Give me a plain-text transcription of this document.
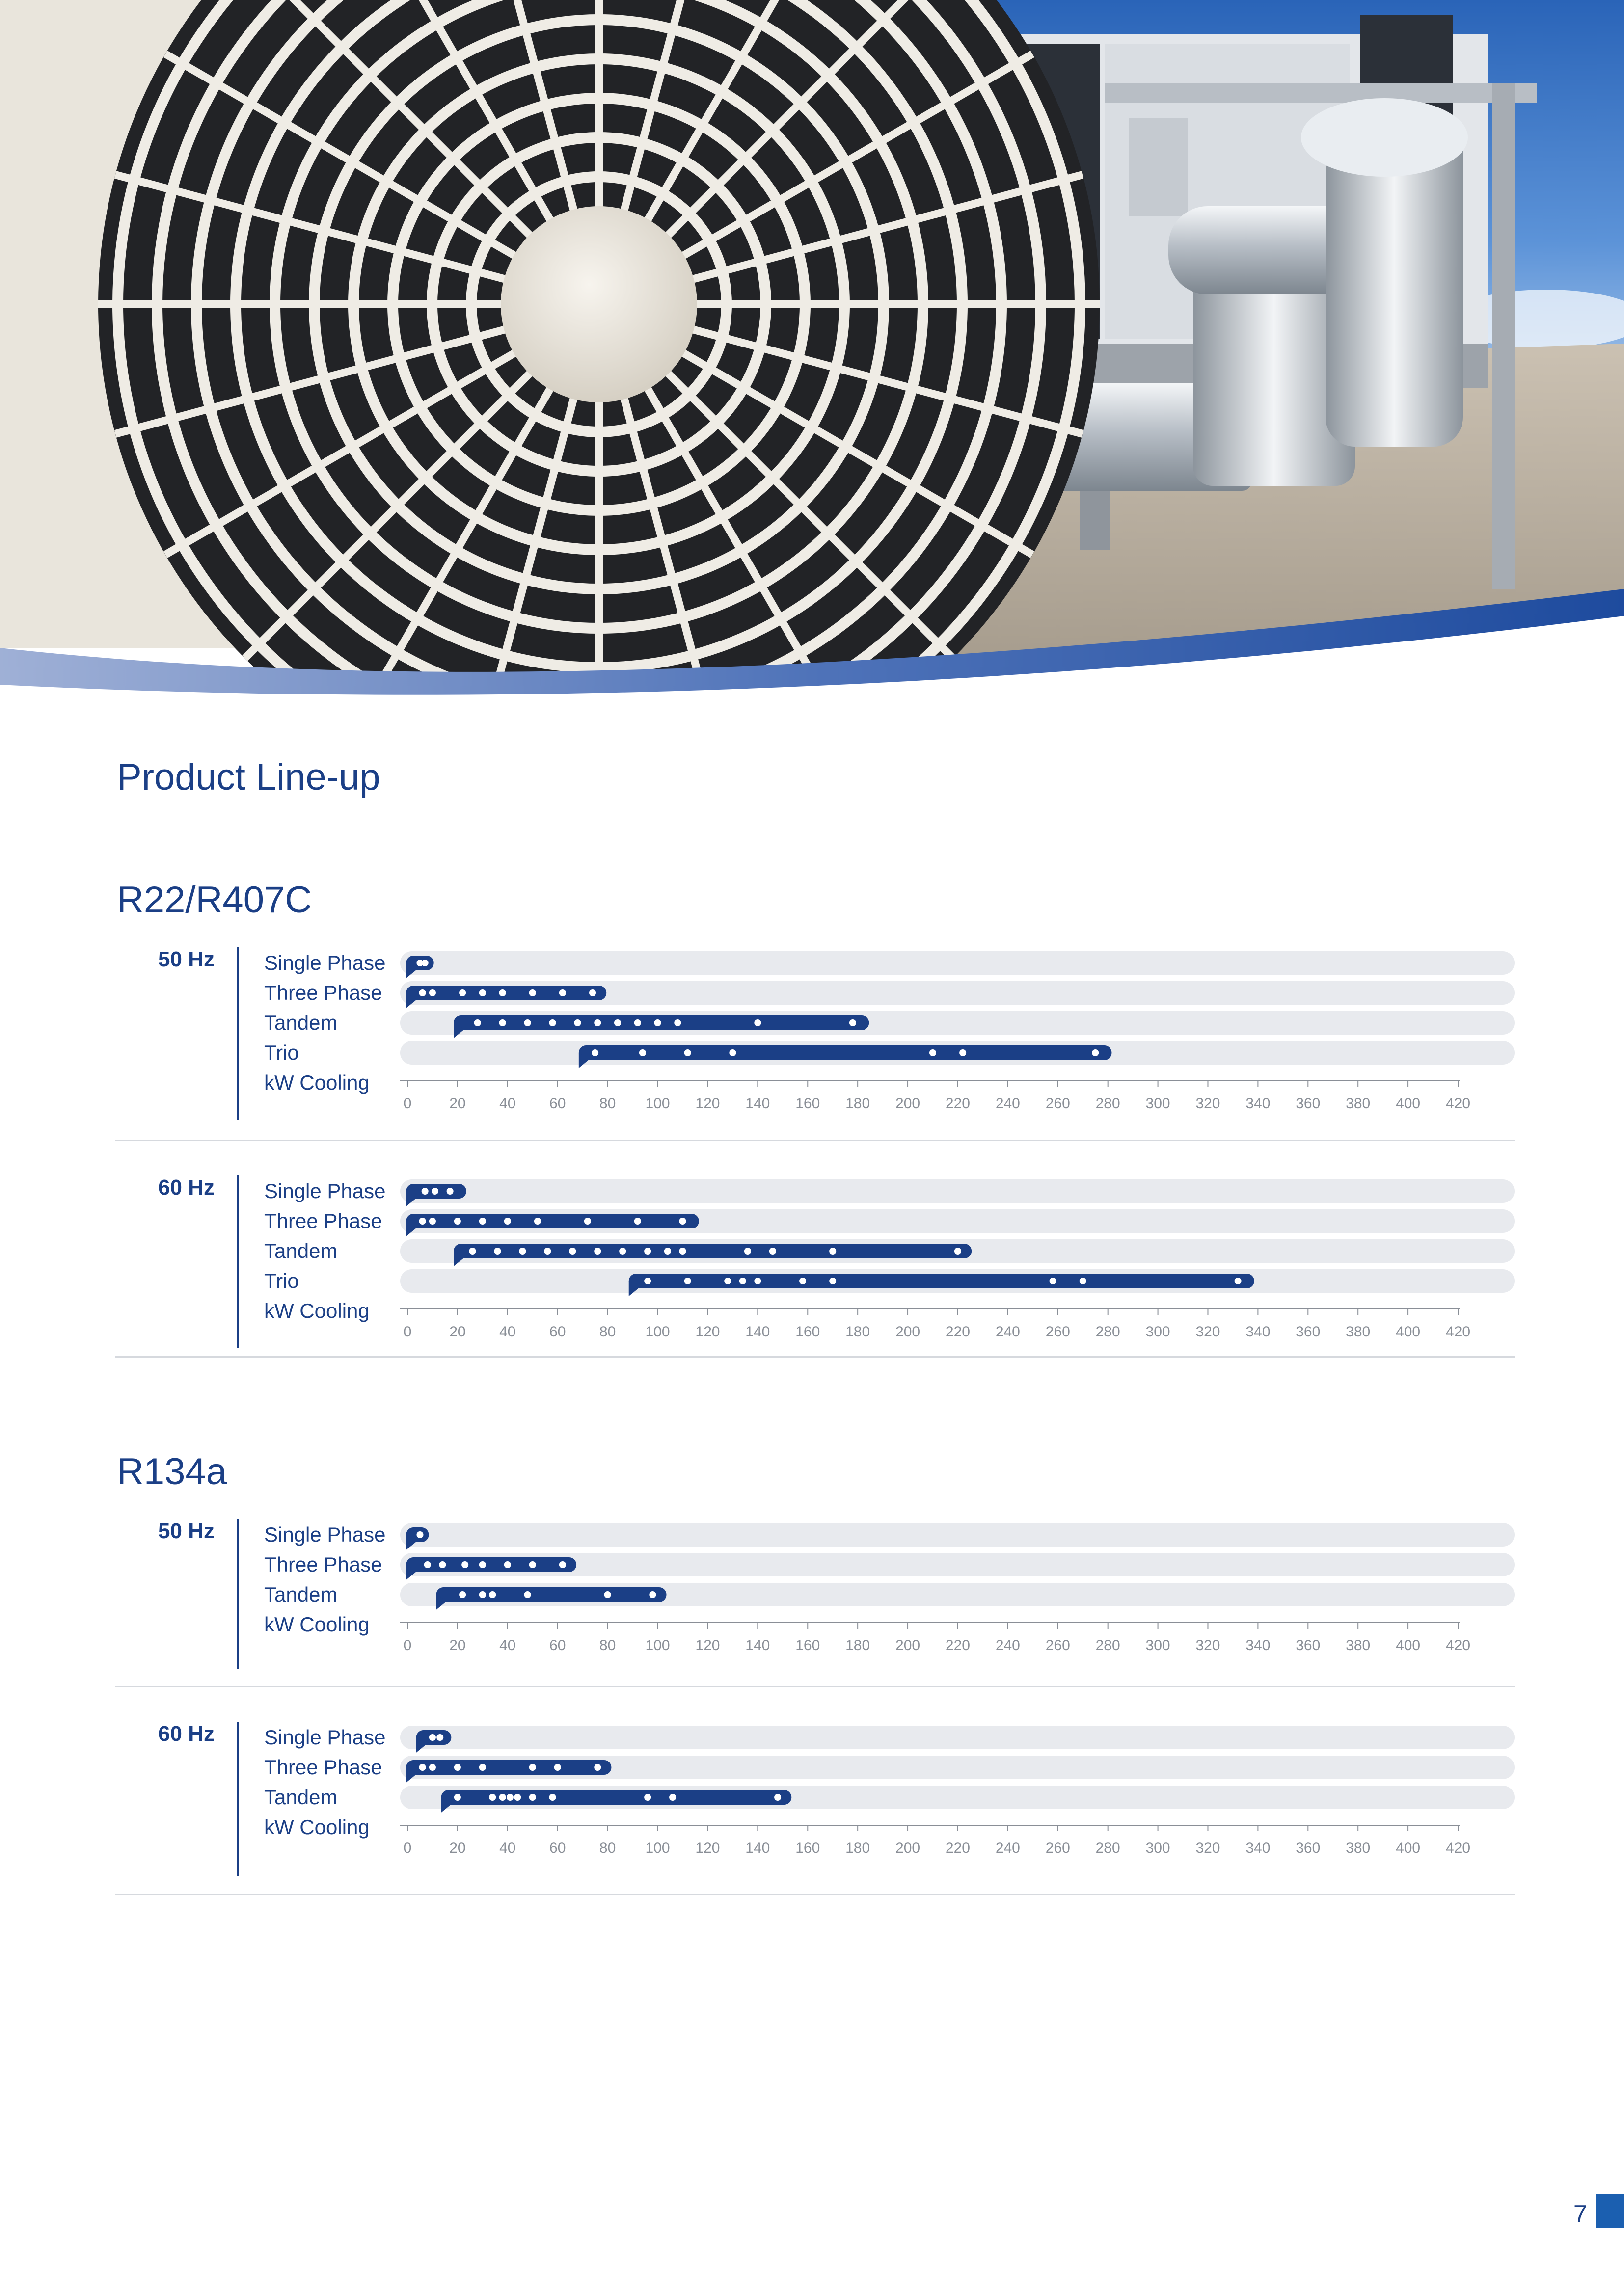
Product Line-up
R22/R407C
R134a
50 Hz Single Phase
Three Phase
Tandem
Trio
kW Cooling
0	20 40 60 80 100 120 140 160 180 200 220 240 260 280 300 320 340 360 380 400 420
60 Hz Single Phase
Three Phase
Tandem
Trio
kW Cooling
0	20 40 60 80 100 120 140 160 180 200 220 240 260 280 300 320 340 360 380 400 420
50 Hz Single Phase
Three Phase
Tandem
kW Cooling
0	20 40 60 80 100 120 140 160 180 200 220 240 260 280 300 320 340 360 380 400 420
60 Hz Single Phase
Three Phase
Tandem
kW Cooling
0	20 40 60 80 100 120 140 160 180 200 220 240 260 280 300 320 340 360 380 400 420
7
